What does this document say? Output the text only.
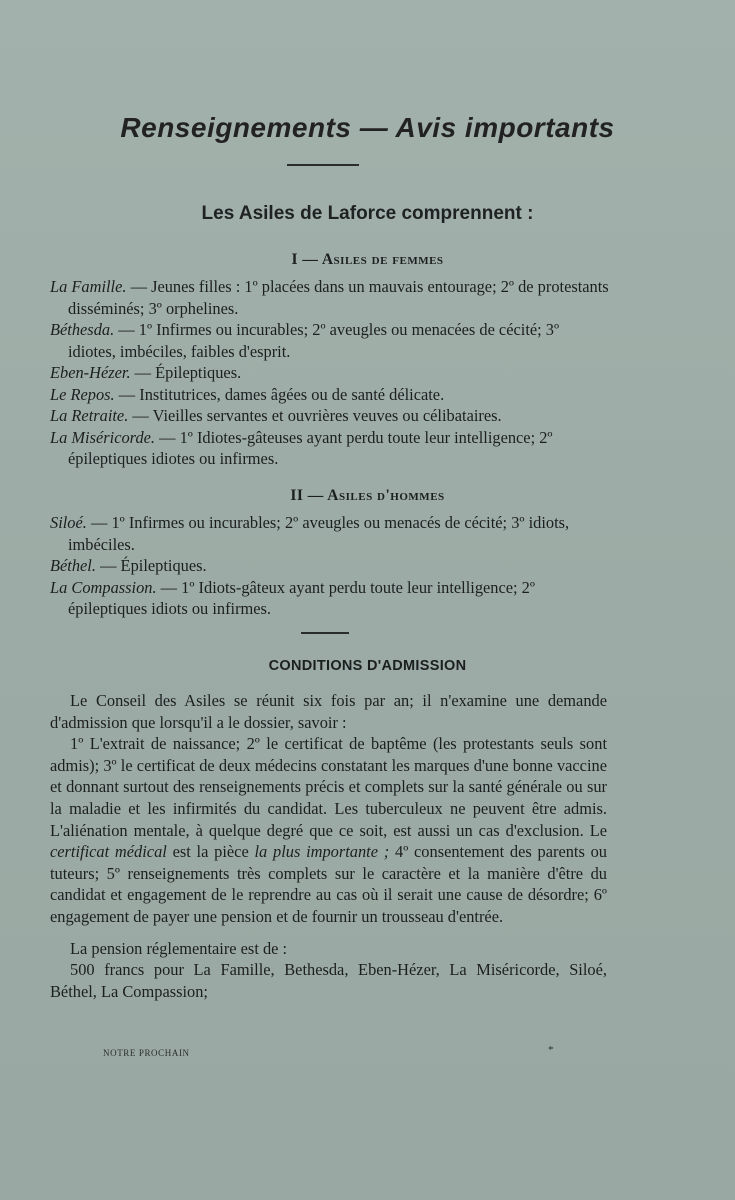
Renseignements — Avis importants
Les Asiles de Laforce comprennent :
I — Asiles de femmes

La Famille. — Jeunes filles : 1º placées dans un mauvais entourage; 2º de protestants disséminés; 3º orphelines.

Béthesda. — 1º Infirmes ou incurables; 2º aveugles ou menacées de cécité; 3º idiotes, imbéciles, faibles d'esprit.

Eben-Hézer. — Épileptiques.

Le Repos. — Institutrices, dames âgées ou de santé délicate.

La Retraite. — Vieilles servantes et ouvrières veuves ou célibataires.

La Miséricorde. — 1º Idiotes-gâteuses ayant perdu toute leur intelligence; 2º épileptiques idiotes ou infirmes.

II — Asiles d'hommes

Siloé. — 1º Infirmes ou incurables; 2º aveugles ou menacés de cécité; 3º idiots, imbéciles.

Béthel. — Épileptiques.

La Compassion. — 1º Idiots-gâteux ayant perdu toute leur intelligence; 2º épileptiques idiots ou infirmes.

CONDITIONS D'ADMISSION

Le Conseil des Asiles se réunit six fois par an; il n'examine une demande d'admission que lorsqu'il a le dossier, savoir :

1º L'extrait de naissance; 2º le certificat de baptême (les protestants seuls sont admis); 3º le certificat de deux médecins constatant les marques d'une bonne vaccine et donnant surtout des renseignements précis et complets sur la santé générale ou sur la maladie et les infirmités du candidat. Les tuberculeux ne peuvent être admis. L'aliénation mentale, à quelque degré que ce soit, est aussi un cas d'exclusion. Le certificat médical est la pièce la plus importante ; 4º consentement des parents ou tuteurs; 5º renseignements très complets sur le caractère et la manière d'être du candidat et engagement de le reprendre au cas où il serait une cause de désordre; 6º engagement de payer une pension et de fournir un trousseau d'entrée.

La pension réglementaire est de :

500 francs pour La Famille, Bethesda, Eben-Hézer, La Miséricorde, Siloé, Béthel, La Compassion;

NOTRE PROCHAIN	*
